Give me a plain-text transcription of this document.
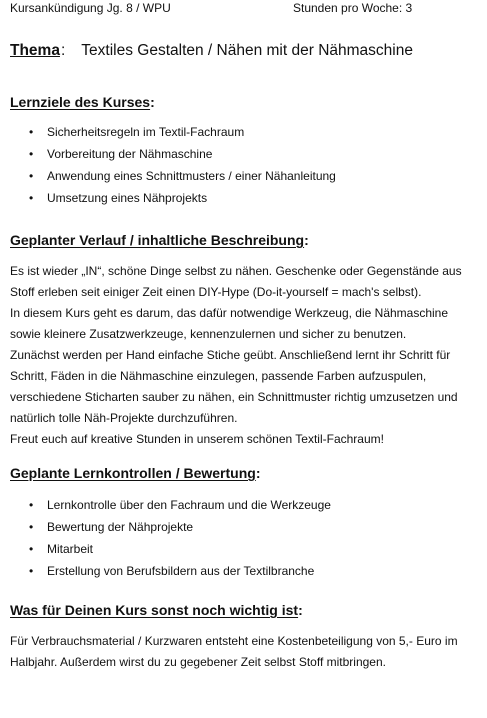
Kursankündigung Jg. 8 / WPU	Stunden pro Woche: 3
Thema: Textiles Gestalten / Nähen mit der Nähmaschine
Lernziele des Kurses:
• Sicherheitsregeln im Textil-Fachraum
• Vorbereitung der Nähmaschine
• Anwendung eines Schnittmusters / einer Nähanleitung
• Umsetzung eines Nähprojekts
Geplanter Verlauf / inhaltliche Beschreibung:
Es ist wieder „IN“, schöne Dinge selbst zu nähen. Geschenke oder Gegenstände aus
Stoff erleben seit einiger Zeit einen DIY-Hype (Do-it-yourself = mach's selbst).
In diesem Kurs geht es darum, das dafür notwendige Werkzeug, die Nähmaschine
sowie kleinere Zusatzwerkzeuge, kennenzulernen und sicher zu benutzen.
Zunächst werden per Hand einfache Stiche geübt. Anschließend lernt ihr Schritt für
Schritt, Fäden in die Nähmaschine einzulegen, passende Farben aufzuspulen,
verschiedene Sticharten sauber zu nähen, ein Schnittmuster richtig umzusetzen und
natürlich tolle Näh-Projekte durchzuführen.
Freut euch auf kreative Stunden in unserem schönen Textil-Fachraum!
Geplante Lernkontrollen / Bewertung:
• Lernkontrolle über den Fachraum und die Werkzeuge
• Bewertung der Nähprojekte
• Mitarbeit
• Erstellung von Berufsbildern aus der Textilbranche
Was für Deinen Kurs sonst noch wichtig ist:
Für Verbrauchsmaterial / Kurzwaren entsteht eine Kostenbeteiligung von 5,- Euro im
Halbjahr. Außerdem wirst du zu gegebener Zeit selbst Stoff mitbringen.
